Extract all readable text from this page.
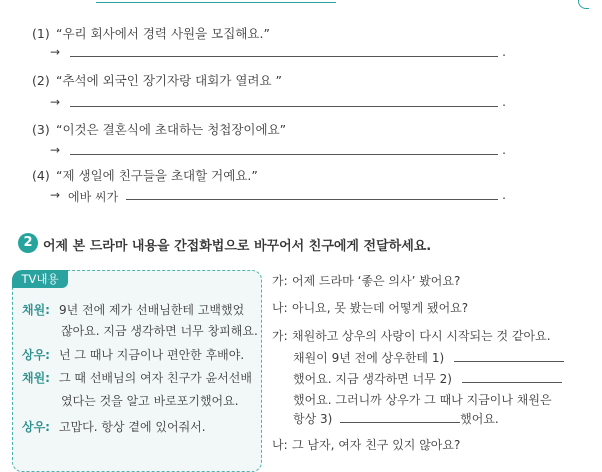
(1) “우리 회사에서 경력 사원을 모집해요.”
→	.
(2) “추석에 외국인 장기자랑 대회가 열려요 ”
→	.
(3) “이것은 결혼식에 초대하는 청첩장이에요”
→	.
(4) “제 생일에 친구들을 초대할 거예요.”
→ 에바 씨가	.
2 어제 본 드라마 내용을 간접화법으로 바꾸어서 친구에게 전달하세요.
TV내용
채원: 9년 전에 제가 선배님한테 고백했었
잖아요. 지금 생각하면 너무 창피해요.
상우: 넌 그 때나 지금이나 편안한 후배야.
채원: 그 때 선배님의 여자 친구가 윤서선배
였다는 것을 알고 바로포기했어요.
상우: 고맙다. 항상 곁에 있어줘서.
가: 어제 드라마 ‘좋은 의사’ 봤어요?
나: 아니요, 못 봤는데 어떻게 됐어요?
가: 채원하고 상우의 사랑이 다시 시작되는 것 같아요.
채원이 9년 전에 상우한테 1)
했어요. 지금 생각하면 너무 2)
했어요. 그러니까 상우가 그 때나 지금이나 채원은
항상 3)	했어요.
나: 그 남자, 여자 친구 있지 않아요?
